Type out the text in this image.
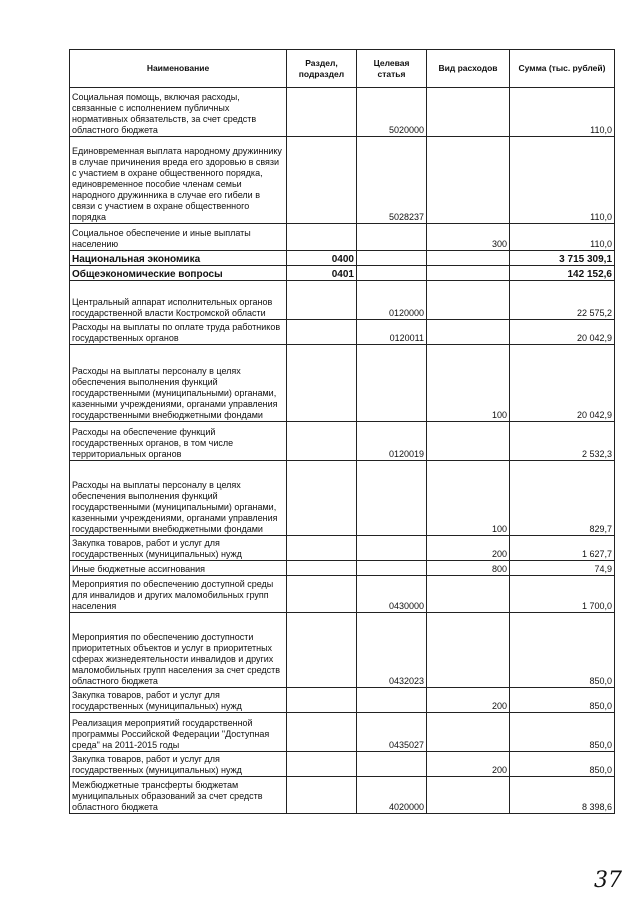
Наименование	Раздел, подраздел	Целевая статья	Вид расходов	Сумма (тыс. рублей)
Социальная помощь, включая расходы, связанные с исполнением публичных нормативных обязательств, за счет средств областного бюджета		5020000		110,0
Единовременная выплата народному дружиннику в случае причинения вреда его здоровью в связи с участием в охране общественного порядка, единовременное пособие членам семьи народного дружинника в случае его гибели в связи с участием в охране общественного порядка		5028237		110,0
Социальное обеспечение и иные выплаты населению			300	110,0
Национальная экономика	0400			3 715 309,1
Общеэкономические вопросы	0401			142 152,6
Центральный аппарат исполнительных органов государственной власти Костромской области		0120000		22 575,2
Расходы на выплаты по оплате труда работников государственных органов		0120011		20 042,9
Расходы на выплаты персоналу в целях обеспечения выполнения функций государственными (муниципальными) органами, казенными учреждениями, органами управления государственными внебюджетными фондами			100	20 042,9
Расходы на обеспечение функций государственных органов, в том числе территориальных органов		0120019		2 532,3
Расходы на выплаты персоналу в целях обеспечения выполнения функций государственными (муниципальными) органами, казенными учреждениями, органами управления государственными внебюджетными фондами			100	829,7
Закупка товаров, работ и услуг для государственных (муниципальных) нужд			200	1 627,7
Иные бюджетные ассигнования			800	74,9
Мероприятия по обеспечению доступной среды для инвалидов и других маломобильных групп населения		0430000		1 700,0
Мероприятия по обеспечению доступности приоритетных объектов и услуг в приоритетных сферах жизнедеятельности инвалидов и других маломобильных групп населения за счет средств областного бюджета		0432023		850,0
Закупка товаров, работ и услуг для государственных (муниципальных) нужд			200	850,0
Реализация мероприятий государственной программы Российской Федерации "Доступная среда" на 2011-2015 годы		0435027		850,0
Закупка товаров, работ и услуг для государственных (муниципальных) нужд			200	850,0
Межбюджетные трансферты бюджетам муниципальных образований за счет средств областного бюджета		4020000		8 398,6
37
